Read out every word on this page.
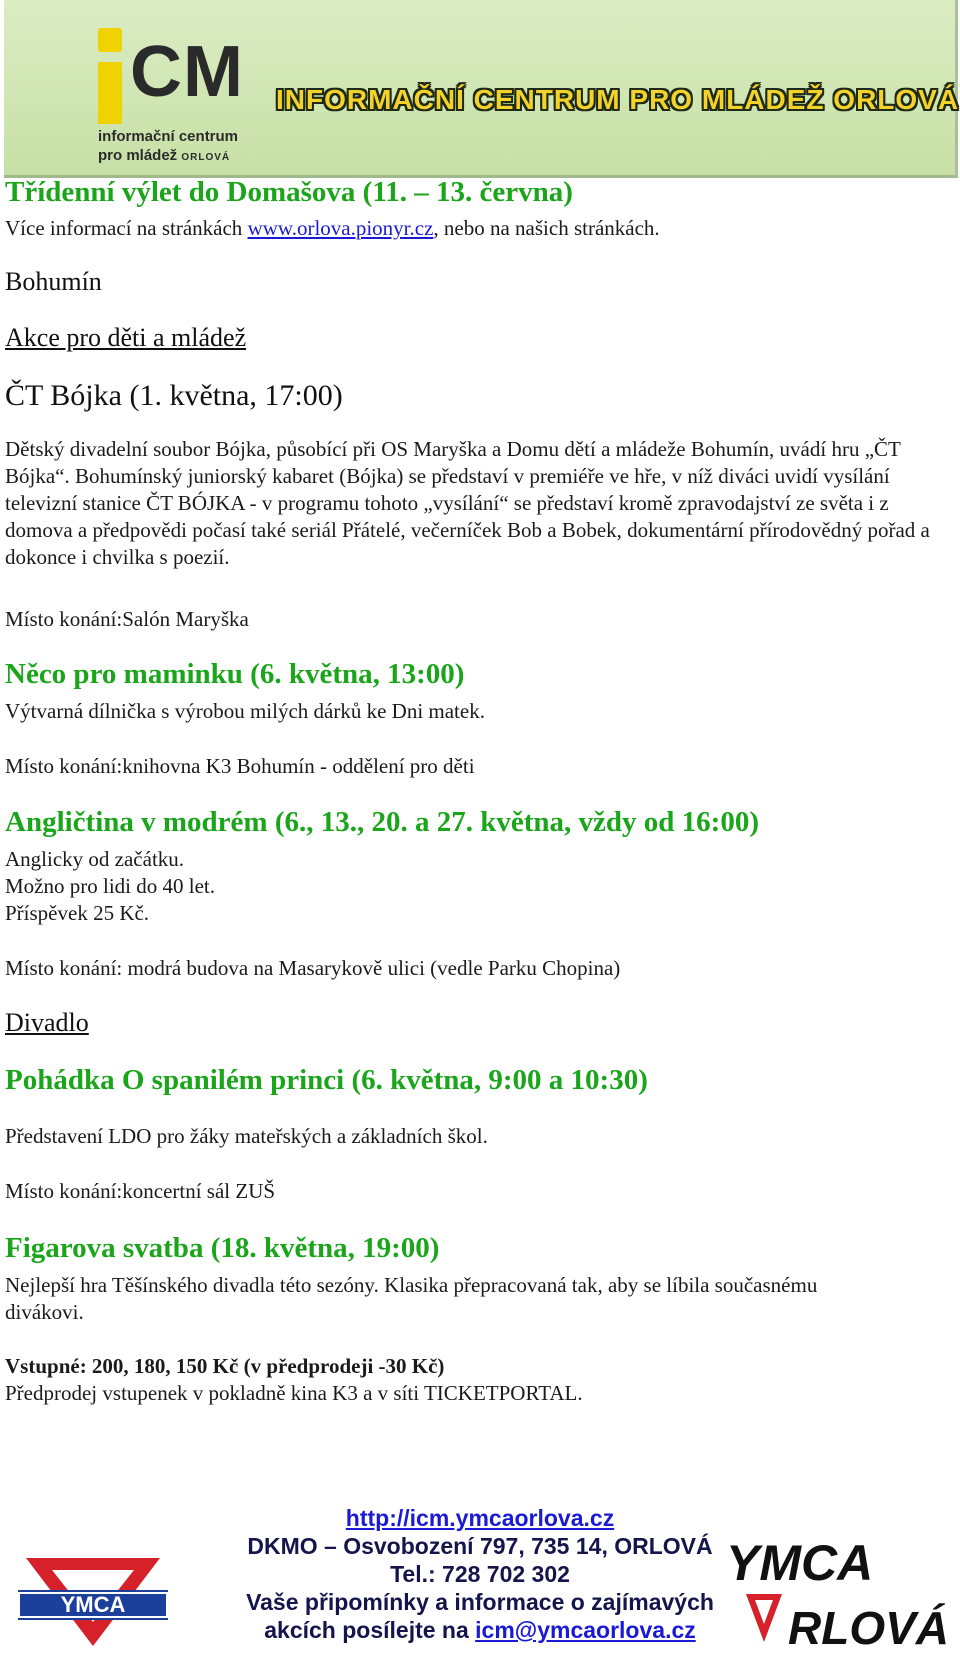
CM
informační centrum
pro mládež ORLOVÁ
INFORMAČNÍ CENTRUM PRO MLÁDEŽ ORLOVÁ
Třídenní výlet do Domašova (11. – 13. června)
Více informací na stránkách www.orlova.pionyr.cz, nebo na našich stránkách.
Bohumín
Akce pro děti a mládež
ČT Bójka (1. května, 17:00)
Dětský divadelní soubor Bójka, působící při OS Maryška a Domu dětí a mládeže Bohumín, uvádí hru „ČT Bójka“. Bohumínský juniorský kabaret (Bójka) se představí v premiéře ve hře, v níž diváci uvidí vysílání televizní stanice ČT BÓJKA - v programu tohoto „vysílání“ se představí kromě zpravodajství ze světa i z domova a předpovědi počasí také seriál Přátelé, večerníček Bob a Bobek, dokumentární přírodovědný pořad a dokonce i chvilka s poezií.
Místo konání:Salón Maryška
Něco pro maminku (6. května, 13:00)
Výtvarná dílnička s výrobou milých dárků ke Dni matek.
Místo konání:knihovna K3 Bohumín - oddělení pro děti
Angličtina v modrém (6., 13., 20. a 27. května, vždy od 16:00)
Anglicky od začátku.
Možno pro lidi do 40 let.
Příspěvek 25 Kč.
Místo konání: modrá budova na Masarykově ulici (vedle Parku Chopina)
Divadlo
Pohádka O spanilém princi (6. května, 9:00 a 10:30)
Představení LDO pro žáky mateřských a základních škol.
Místo konání:koncertní sál ZUŠ
Figarova svatba (18. května, 19:00)
Nejlepší hra Těšínského divadla této sezóny. Klasika přepracovaná tak, aby se líbila současnému divákovi.
Vstupné: 200, 180, 150 Kč (v předprodeji -30 Kč)
Předprodej vstupenek v pokladně kina K3 a v síti TICKETPORTAL.
http://icm.ymcaorlova.cz
DKMO – Osvobození 797, 735 14, ORLOVÁ
Tel.: 728 702 302
Vaše připomínky a informace o zajímavých
akcích posílejte na icm@ymcaorlova.cz
YMCA
YMCA
RLOVÁ
